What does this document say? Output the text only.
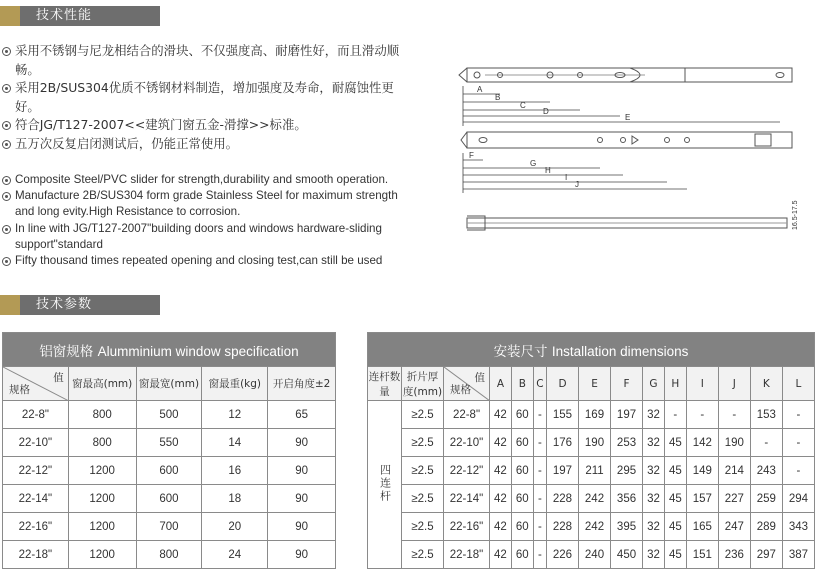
技术性能
采用不锈钢与尼龙相结合的滑块、不仅强度高、耐磨性好，而且滑动顺畅。
采用2B/SUS304优质不锈钢材料制造，增加强度及寿命，耐腐蚀性更好。
符合JG/T127-2007<<建筑门窗五金-滑撑>>标准。
五万次反复启闭测试后，仍能正常使用。
Composite Steel/PVC slider for strength,durability and smooth operation.
Manufacture 2B/SUS304 form grade Stainless Steel for maximum strength and long evity.High Resistance to corrosion.
In line with JG/T127-2007"building doors and windows hardware-sliding support"standard
Fifty thousand times repeated opening and closing test,can still be used
A
B
C
D
E
F
G
H
I
J
16.5-17.5
技术参数
铝窗规格 Alumminium window specification				

值
规格	窗最高(mm)	窗最宽(mm)	窗最重(kg)	开启角度±2
22-8"	800	500	12	65
22-10"	800	550	14	90
22-12"	1200	600	16	90
22-14"	1200	600	18	90
22-16"	1200	700	20	90
22-18"	1200	800	24	90
安装尺寸 Installation dimensions														
连杆数量	折片厚度(mm)	值
规格	A	B	C	D	E	F	G	H	I	J	K	L
四连杆	≥2.5	22-8"	42	60	-	155	169	197	32	-	-	-	153	-
	≥2.5	22-10"	42	60	-	176	190	253	32	45	142	190	-	-
	≥2.5	22-12"	42	60	-	197	211	295	32	45	149	214	243	-
	≥2.5	22-14"	42	60	-	228	242	356	32	45	157	227	259	294
	≥2.5	22-16"	42	60	-	228	242	395	32	45	165	247	289	343
	≥2.5	22-18"	42	60	-	226	240	450	32	45	151	236	297	387
